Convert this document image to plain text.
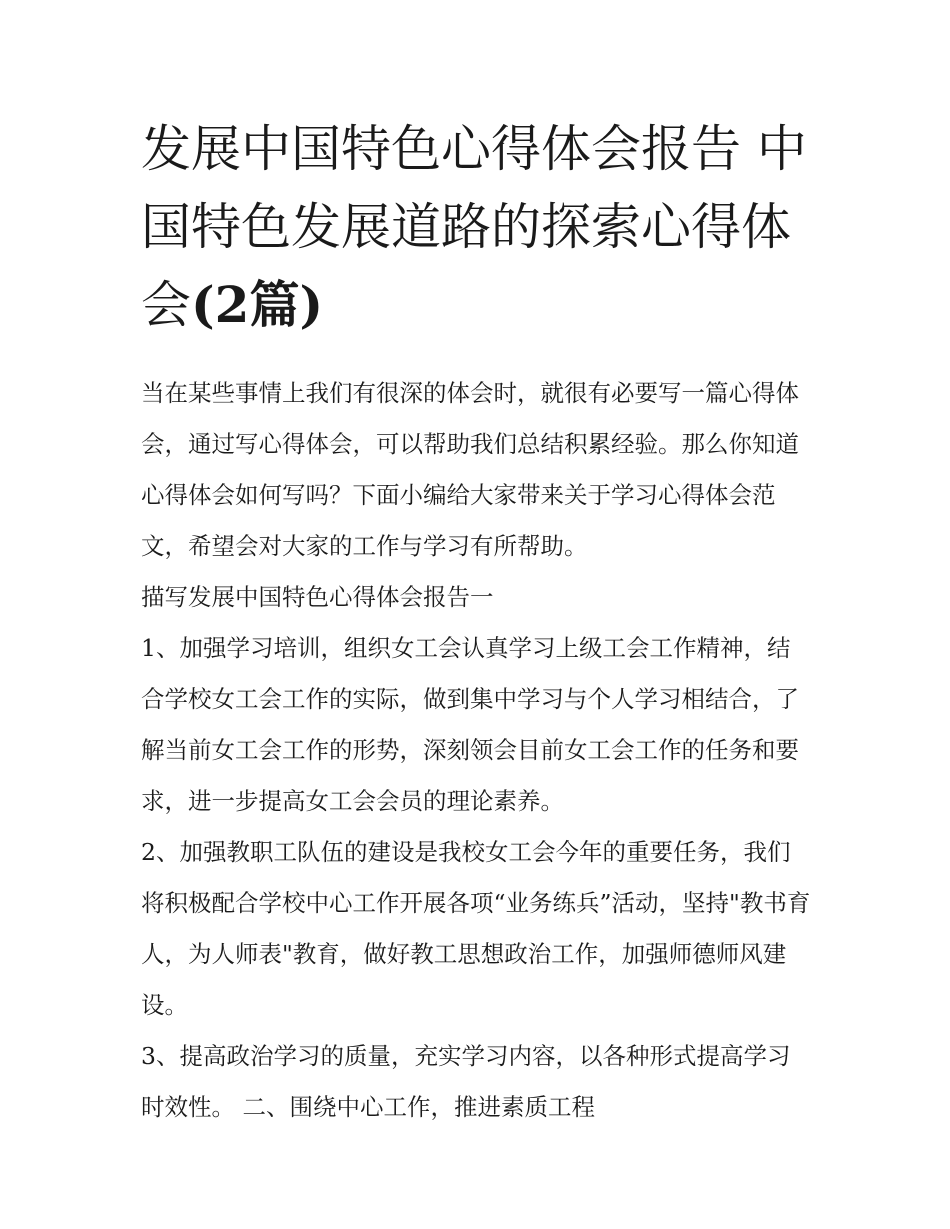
发展中国特色心得体会报告 中国特色发展道路的探索心得体会(2篇)

当在某些事情上我们有很深的体会时，就很有必要写一篇心得体会，通过写心得体会，可以帮助我们总结积累经验。那么你知道心得体会如何写吗？下面小编给大家带来关于学习心得体会范文，希望会对大家的工作与学习有所帮助。

描写发展中国特色心得体会报告一

1、加强学习培训，组织女工会认真学习上级工会工作精神，结合学校女工会工作的实际，做到集中学习与个人学习相结合，了解当前女工会工作的形势，深刻领会目前女工会工作的任务和要求，进一步提高女工会会员的理论素养。

2、加强教职工队伍的建设是我校女工会今年的重要任务，我们将积极配合学校中心工作开展各项“业务练兵”活动，坚持"教书育人，为人师表"教育，做好教工思想政治工作，加强师德师风建设。

3、提高政治学习的质量，充实学习内容，以各种形式提高学习时效性。 二、围绕中心工作，推进素质工程
